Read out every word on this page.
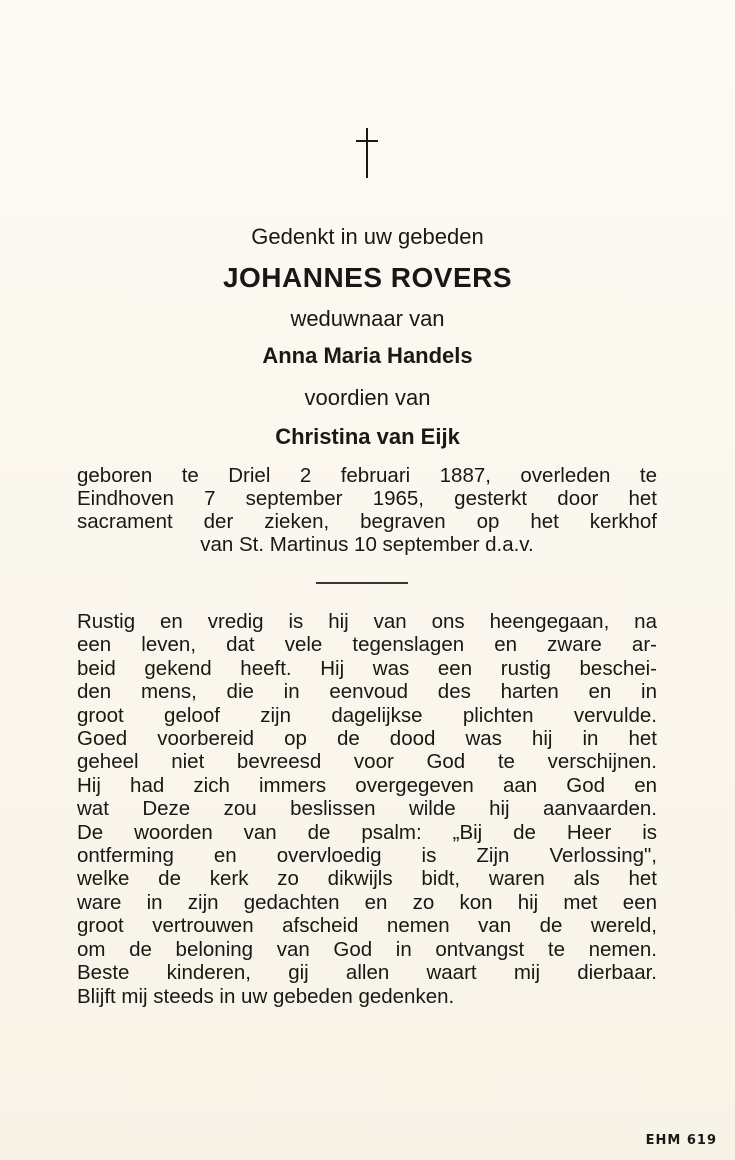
Gedenkt in uw gebeden
JOHANNES ROVERS
weduwnaar van
Anna Maria Handels
voordien van
Christina van Eijk
geboren te Driel 2 februari 1887, overleden te
Eindhoven 7 september 1965, gesterkt door het
sacrament der zieken, begraven op het kerkhof
van St. Martinus 10 september d.a.v.
Rustig en vredig is hij van ons heengegaan, na
een leven, dat vele tegenslagen en zware ar-
beid gekend heeft. Hij was een rustig beschei-
den mens, die in eenvoud des harten en in
groot geloof zijn dagelijkse plichten vervulde.
Goed voorbereid op de dood was hij in het
geheel niet bevreesd voor God te verschijnen.
Hij had zich immers overgegeven aan God en
wat Deze zou beslissen wilde hij aanvaarden.
De woorden van de psalm: „Bij de Heer is
ontferming en overvloedig is Zijn Verlossing",
welke de kerk zo dikwijls bidt, waren als het
ware in zijn gedachten en zo kon hij met een
groot vertrouwen afscheid nemen van de wereld,
om de beloning van God in ontvangst te nemen.
Beste kinderen, gij allen waart mij dierbaar.
Blijft mij steeds in uw gebeden gedenken.
EHM 619
